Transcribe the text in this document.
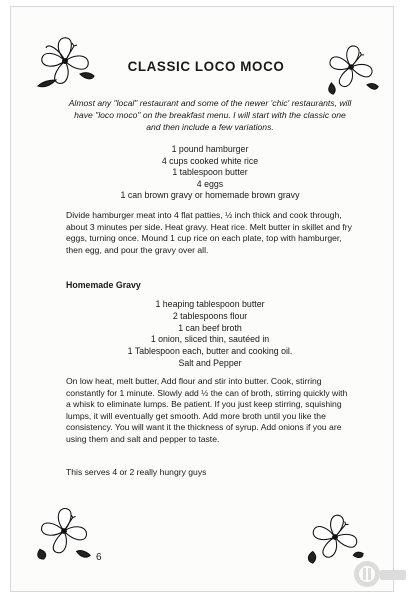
CLASSIC LOCO MOCO
Almost any "local" restaurant and some of the newer 'chic' restaurants, will have "loco moco" on the breakfast menu. I will start with the classic one and then include a few variations.
1 pound hamburger
4 cups cooked white rice
1 tablespoon butter
4 eggs
1 can brown gravy or homemade brown gravy
Divide hamburger meat into 4 flat patties, ½ inch thick and cook through, about 3 minutes per side. Heat gravy. Heat rice. Melt butter in skillet and fry eggs, turning once. Mound 1 cup rice on each plate, top with hamburger, then egg, and pour the gravy over all.
Homemade Gravy
1 heaping tablespoon butter
2 tablespoons flour
1 can beef broth
1 onion, sliced thin, sautéed in
1 Tablespoon each, butter and cooking oil.
Salt and Pepper
On low heat, melt butter, Add flour and stir into butter. Cook, stirring constantly for 1 minute. Slowly add ½ the can of broth, stirring quickly with a whisk to eliminate lumps. Be patient. If you just keep stirring, squishing lumps, it will eventually get smooth. Add more broth until you like the consistency. You will want it the thickness of syrup. Add onions if you are using them and salt and pepper to taste.
This serves 4 or 2 really hungry guys
6
